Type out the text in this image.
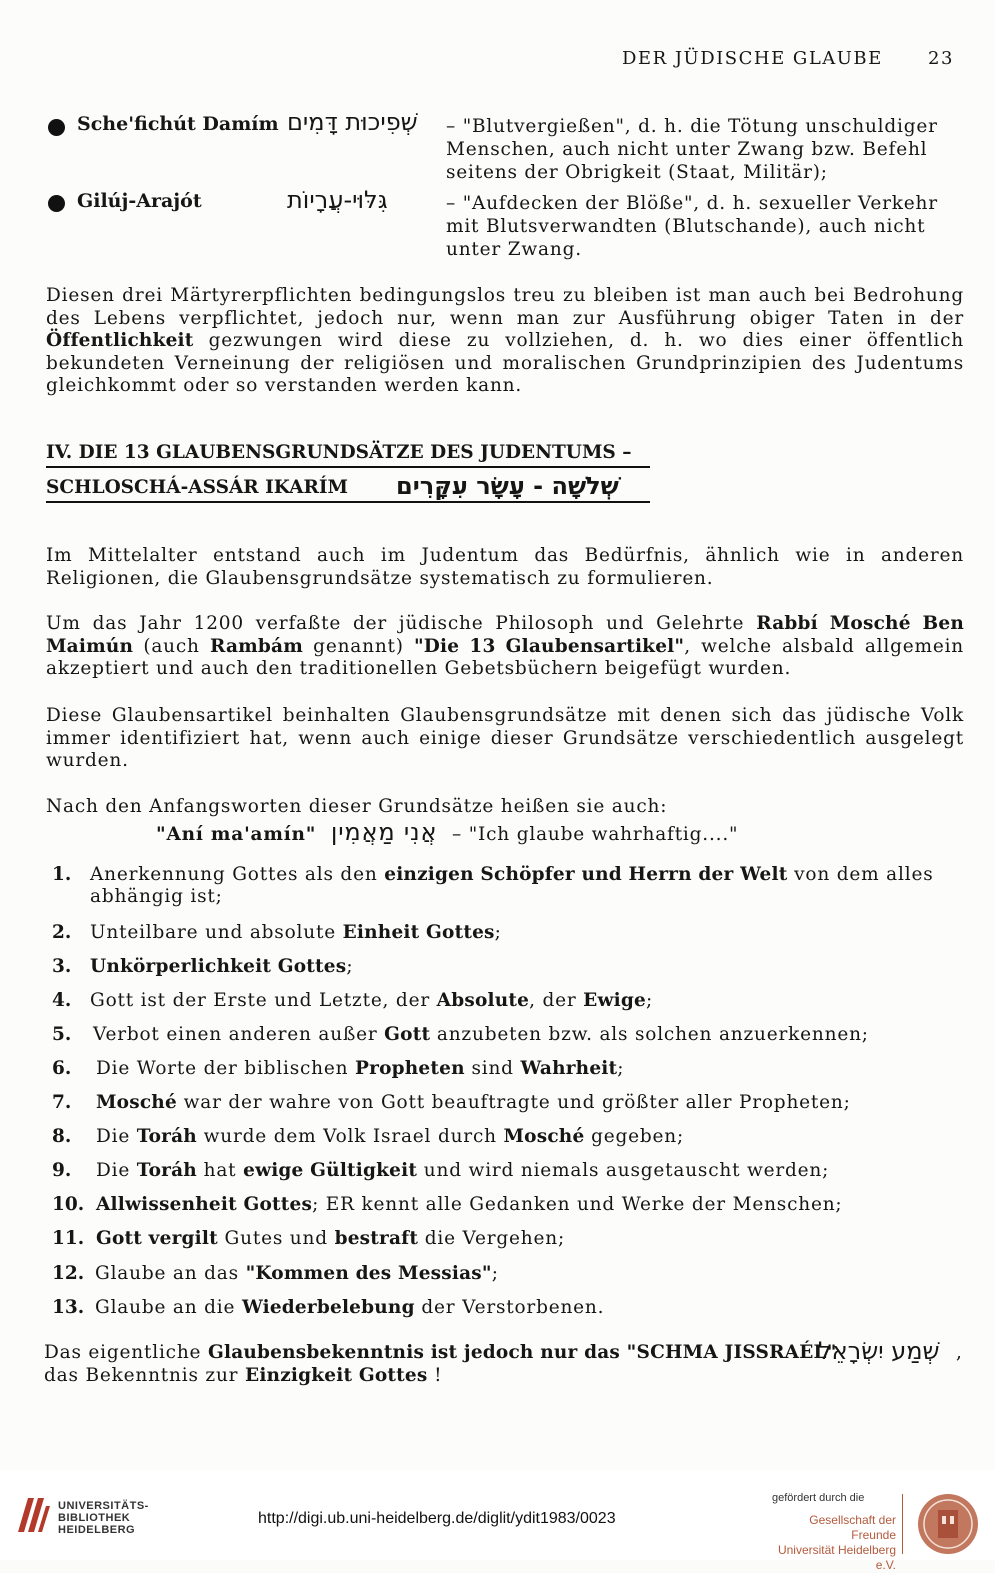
DER JÜDISCHE GLAUBE	23
Sche'fichút Damím שְׁפִיכוּת דָּמִים – "Blutvergießen", d. h. die Tötung unschuldiger Menschen, auch nicht unter Zwang bzw. Befehl seitens der Obrigkeit (Staat, Militär);
Gilúj-Arajót	גִּלּוּי-עֲרָיוֹת	– "Aufdecken der Blöße", d. h. sexueller Verkehr mit Blutsverwandten (Blutschande), auch nicht unter Zwang.
Diesen drei Märtyrerpflichten bedingungslos treu zu bleiben ist man auch bei Bedrohung des Lebens verpflichtet, jedoch nur, wenn man zur Ausführung obiger Taten in der Öffentlichkeit gezwungen wird diese zu vollziehen, d. h. wo dies einer öffentlich bekundeten Verneinung der religiösen und moralischen Grundprinzipien des Judentums gleichkommt oder so verstanden werden kann.
IV. DIE 13 GLAUBENSGRUNDSÄTZE DES JUDENTUMS –
SCHLOSCHÁ-ASSÁR IKARÍM שְׁלֹשָׁה - עָשָׂר עִקָּרִים
Im Mittelalter entstand auch im Judentum das Bedürfnis, ähnlich wie in anderen Religionen, die Glaubensgrundsätze systematisch zu formulieren.
Um das Jahr 1200 verfaßte der jüdische Philosoph und Gelehrte Rabbí Mosché Ben Maimún (auch Rambám genannt) "Die 13 Glaubensartikel", welche alsbald allgemein akzeptiert und auch den traditionellen Gebetsbüchern beigefügt wurden.
Diese Glaubensartikel beinhalten Glaubensgrundsätze mit denen sich das jüdische Volk immer identifiziert hat, wenn auch einige dieser Grundsätze verschiedentlich ausgelegt wurden.
Nach den Anfangsworten dieser Grundsätze heißen sie auch:
"Aní ma'amín" אֲנִי מַאֲמִין – "Ich glaube wahrhaftig...."
1. Anerkennung Gottes als den einzigen Schöpfer und Herrn der Welt von dem alles abhängig ist;
2. Unteilbare und absolute Einheit Gottes;
3. Unkörperlichkeit Gottes;
4. Gott ist der Erste und Letzte, der Absolute, der Ewige;
5. Verbot einen anderen außer Gott anzubeten bzw. als solchen anzuerkennen;
6. Die Worte der biblischen Propheten sind Wahrheit;
7. Mosché war der wahre von Gott beauftragte und größter aller Propheten;
8. Die Toráh wurde dem Volk Israel durch Mosché gegeben;
9. Die Toráh hat ewige Gültigkeit und wird niemals ausgetauscht werden;
10. Allwissenheit Gottes; ER kennt alle Gedanken und Werke der Menschen;
11. Gott vergilt Gutes und bestraft die Vergehen;
12. Glaube an das "Kommen des Messias";
13. Glaube an die Wiederbelebung der Verstorbenen.
Das eigentliche Glaubensbekenntnis ist jedoch nur das "SCHMA JISSRAÉL"
שְׁמַע יִשְׂרָאֵל ,
das Bekenntnis zur Einzigkeit Gottes !
UNIVERSITÄTS-
BIBLIOTHEK
HEIDELBERG
http://digi.ub.uni-heidelberg.de/diglit/ydit1983/0023
gefördert durch die
Gesellschaft der Freunde
Universität Heidelberg e.V.
